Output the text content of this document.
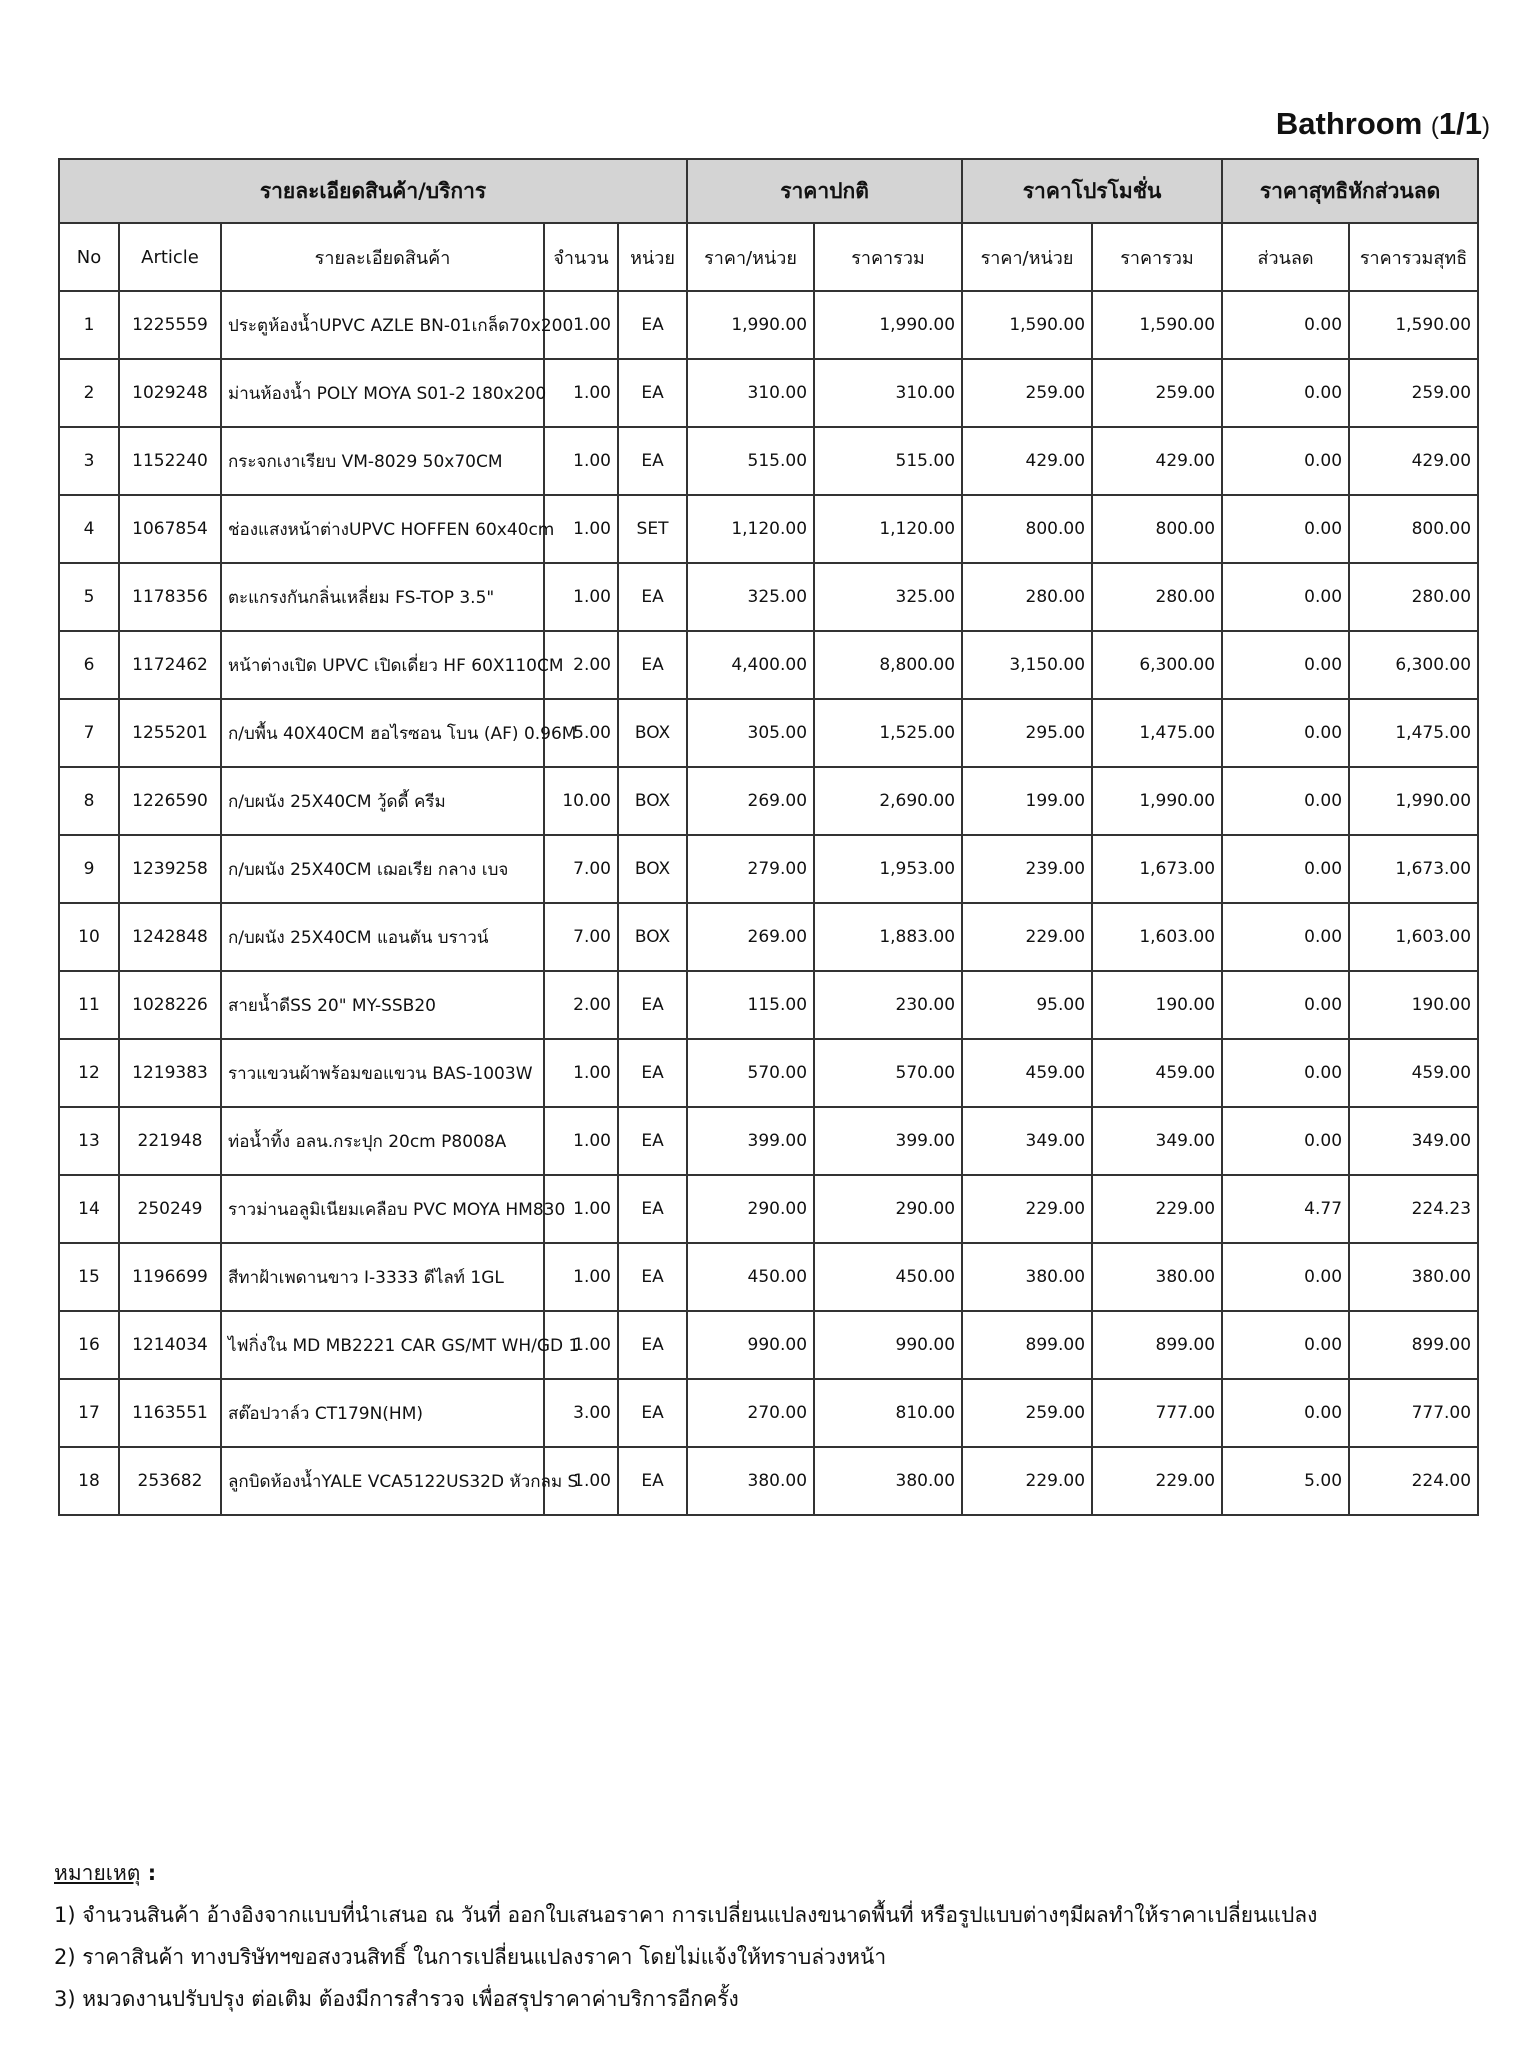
Bathroom (1/1)
รายละเอียดสินค้า/บริการ					ราคาปกติ		ราคาโปรโมชั่น		ราคาสุทธิหักส่วนลด	
No	Article	รายละเอียดสินค้า	จำนวน	หน่วย	ราคา/หน่วย	ราคารวม	ราคา/หน่วย	ราคารวม	ส่วนลด	ราคารวมสุทธิ
1	1225559	ประตูห้องน้ำUPVC AZLE BN-01เกล็ด70x200	1.00	EA	1,990.00	1,990.00	1,590.00	1,590.00	0.00	1,590.00
2	1029248	ม่านห้องน้ำ POLY MOYA S01-2 180x200	1.00	EA	310.00	310.00	259.00	259.00	0.00	259.00
3	1152240	กระจกเงาเรียบ VM-8029 50x70CM	1.00	EA	515.00	515.00	429.00	429.00	0.00	429.00
4	1067854	ช่องแสงหน้าต่างUPVC HOFFEN 60x40cm	1.00	SET	1,120.00	1,120.00	800.00	800.00	0.00	800.00
5	1178356	ตะแกรงกันกลิ่นเหลี่ยม FS-TOP 3.5"	1.00	EA	325.00	325.00	280.00	280.00	0.00	280.00
6	1172462	หน้าต่างเปิด UPVC เปิดเดี่ยว HF 60X110CM	2.00	EA	4,400.00	8,800.00	3,150.00	6,300.00	0.00	6,300.00
7	1255201	ก/บพื้น 40X40CM ฮอไรซอน โบน (AF) 0.96M	5.00	BOX	305.00	1,525.00	295.00	1,475.00	0.00	1,475.00
8	1226590	ก/บผนัง 25X40CM วู้ดดี้ ครีม	10.00	BOX	269.00	2,690.00	199.00	1,990.00	0.00	1,990.00
9	1239258	ก/บผนัง 25X40CM เฌอเรีย กลาง เบจ	7.00	BOX	279.00	1,953.00	239.00	1,673.00	0.00	1,673.00
10	1242848	ก/บผนัง 25X40CM แอนตัน บราวน์	7.00	BOX	269.00	1,883.00	229.00	1,603.00	0.00	1,603.00
11	1028226	สายน้ำดีSS 20" MY-SSB20	2.00	EA	115.00	230.00	95.00	190.00	0.00	190.00
12	1219383	ราวแขวนผ้าพร้อมขอแขวน BAS-1003W	1.00	EA	570.00	570.00	459.00	459.00	0.00	459.00
13	221948	ท่อน้ำทิ้ง อลน.กระปุก 20cm P8008A	1.00	EA	399.00	399.00	349.00	349.00	0.00	349.00
14	250249	ราวม่านอลูมิเนียมเคลือบ PVC MOYA HM830	1.00	EA	290.00	290.00	229.00	229.00	4.77	224.23
15	1196699	สีทาฝ้าเพดานขาว I-3333 ดีไลท์ 1GL	1.00	EA	450.00	450.00	380.00	380.00	0.00	380.00
16	1214034	ไฟกิ่งใน MD MB2221 CAR GS/MT WH/GD 1	1.00	EA	990.00	990.00	899.00	899.00	0.00	899.00
17	1163551	สต๊อปวาล์ว CT179N(HM)	3.00	EA	270.00	810.00	259.00	777.00	0.00	777.00
18	253682	ลูกบิดห้องน้ำYALE VCA5122US32D หัวกลม S	1.00	EA	380.00	380.00	229.00	229.00	5.00	224.00
หมายเหตุ :
1) จำนวนสินค้า อ้างอิงจากแบบที่นำเสนอ ณ วันที่ ออกใบเสนอราคา การเปลี่ยนแปลงขนาดพื้นที่ หรือรูปแบบต่างๆมีผลทำให้ราคาเปลี่ยนแปลง
2) ราคาสินค้า ทางบริษัทฯขอสงวนสิทธิ์ ในการเปลี่ยนแปลงราคา โดยไม่แจ้งให้ทราบล่วงหน้า
3) หมวดงานปรับปรุง ต่อเติม ต้องมีการสำรวจ เพื่อสรุปราคาค่าบริการอีกครั้ง
